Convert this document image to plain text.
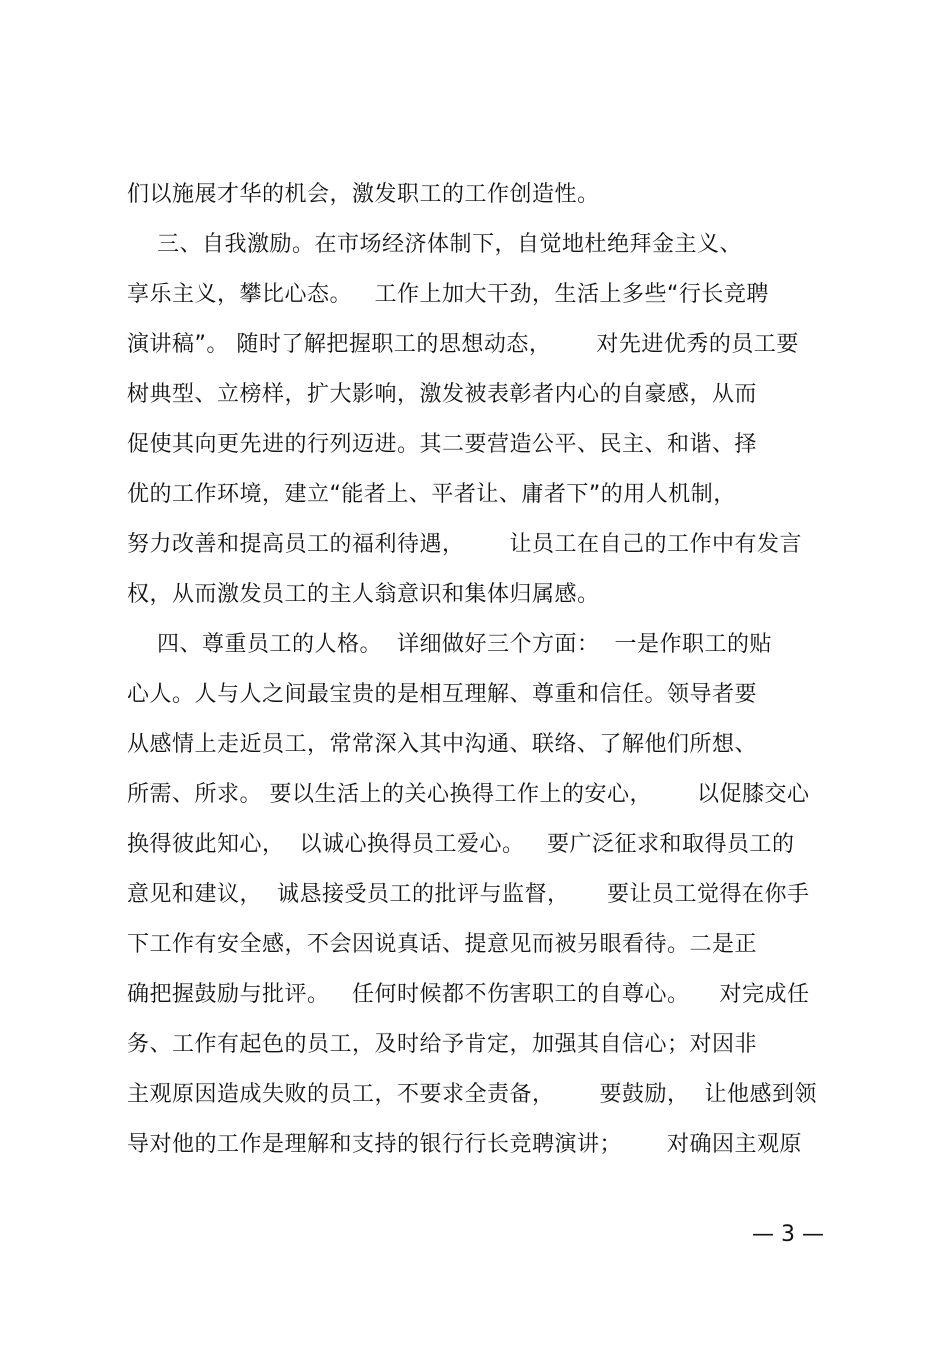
们以施展才华的机会，激发职工的工作创造性。
三、自我激励。在市场经济体制下，自觉地杜绝拜金主义、
享乐主义，攀比心态。   工作上加大干劲，生活上多些“行长竞聘
演讲稿”。 随时了解把握职工的思想动态，      对先进优秀的员工要
树典型、立榜样，扩大影响，激发被表彰者内心的自豪感，从而
促使其向更先进的行列迈进。其二要营造公平、民主、和谐、择
优的工作环境，建立“能者上、平者让、庸者下”的用人机制，
努力改善和提高员工的福利待遇，      让员工在自己的工作中有发言
权，从而激发员工的主人翁意识和集体归属感。
四、尊重员工的人格。  详细做好三个方面：  一是作职工的贴
心人。人与人之间最宝贵的是相互理解、尊重和信任。领导者要
从感情上走近员工，常常深入其中沟通、联络、了解他们所想、
所需、所求。 要以生活上的关心换得工作上的安心，      以促膝交心
换得彼此知心，  以诚心换得员工爱心。   要广泛征求和取得员工的
意见和建议，  诚恳接受员工的批评与监督，     要让员工觉得在你手
下工作有安全感，不会因说真话、提意见而被另眼看待。二是正
确把握鼓励与批评。   任何时候都不伤害职工的自尊心。    对完成任
务、工作有起色的员工，及时给予肯定，加强其自信心；对因非
主观原因造成失败的员工，不要求全责备，      要鼓励，  让他感到领
导对他的工作是理解和支持的银行行长竞聘演讲；      对确因主观原
— 3 —
